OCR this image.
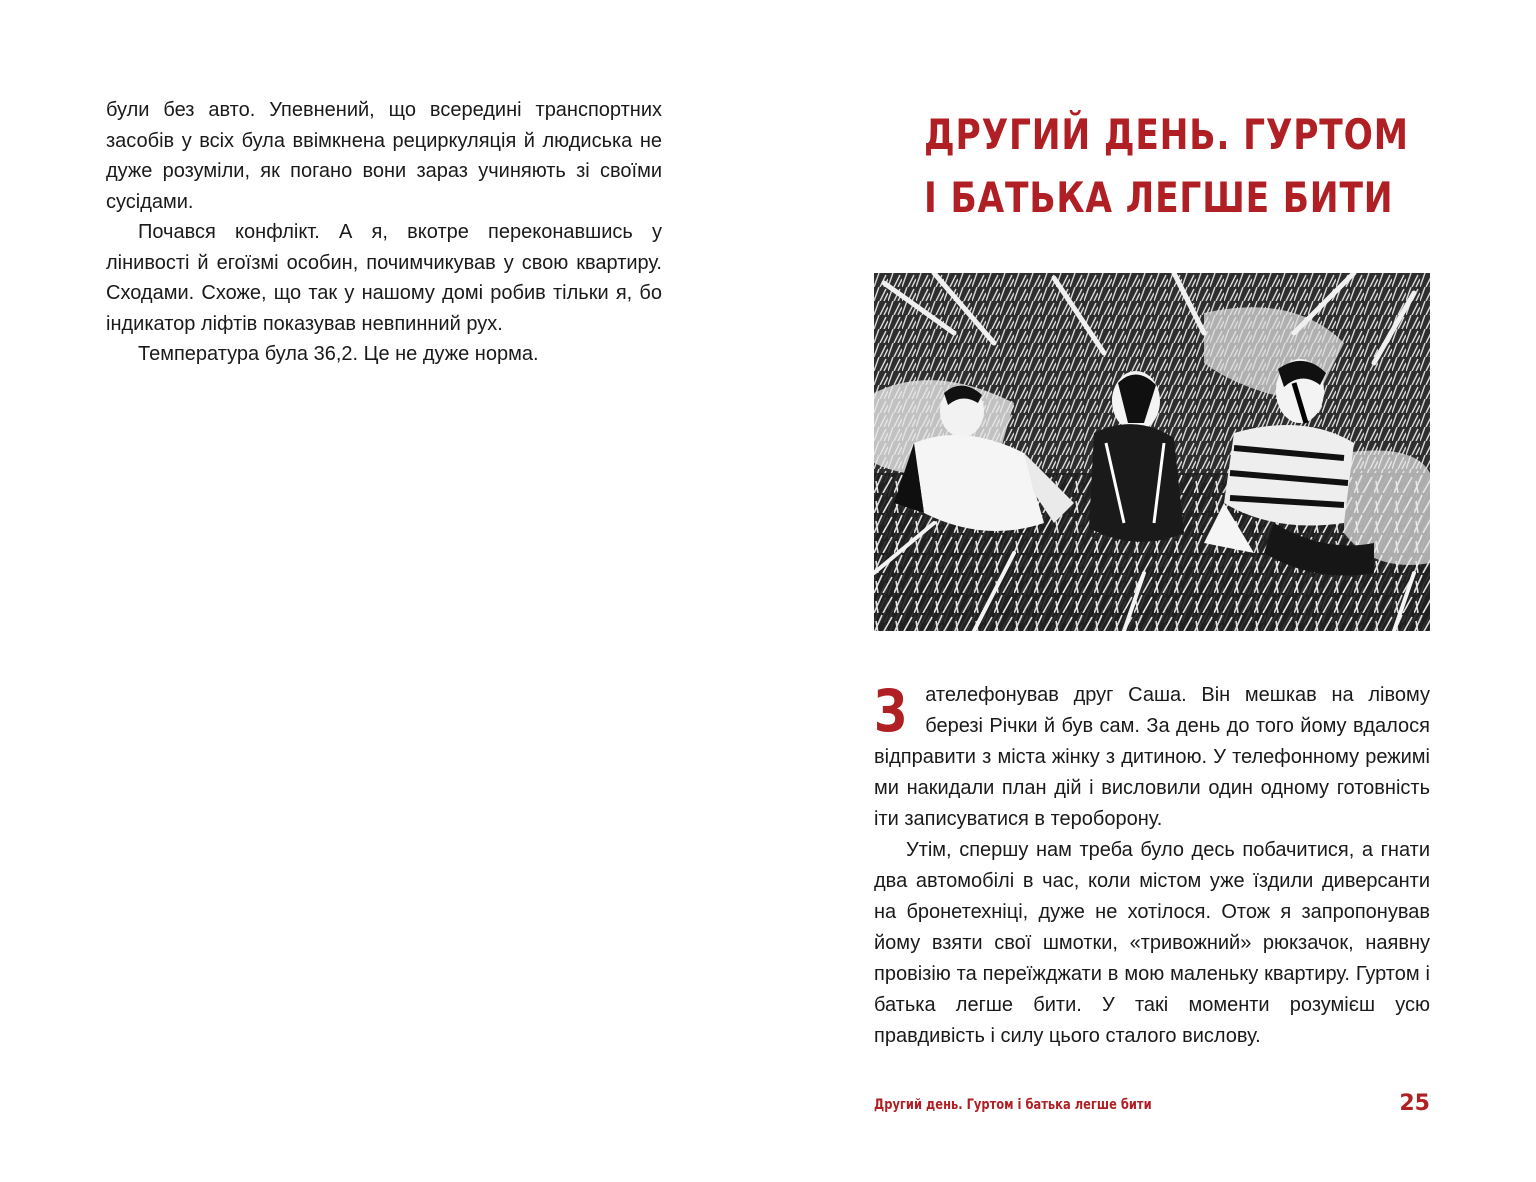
були без авто. Упевнений, що всередині транспортних засобів у всіх була ввімкнена рециркуляція й людиська не дуже розуміли, як погано вони зараз учиняють зі своїми сусідами.

Почався конфлікт. А я, вкотре переконавшись у лінивості й егоїзмі особин, почимчикував у свою квартиру. Сходами. Схоже, що так у нашому домі робив тільки я, бо індикатор ліфтів показував невпинний рух.

Температура була 36,2. Це не дуже норма.

ДРУГИЙ ДЕНЬ. ГУРТОМ
І БАТЬКА ЛЕГШЕ БИТИ

Зателефонував друг Саша. Він мешкав на лівому березі Річки й був сам. За день до того йому вдалося відправити з міста жінку з дитиною. У телефонному режимі ми накидали план дій і висловили один одному готовність іти записуватися в тероборону.

Утім, спершу нам треба було десь побачитися, а гнати два автомобілі в час, коли містом уже їздили диверсанти на бронетехніці, дуже не хотілося. Отож я запропонував йому взяти свої шмотки, «тривожний» рюкзачок, наявну провізію та переїжджати в мою маленьку квартиру. Гуртом і батька легше бити. У такі моменти розумієш усю правдивість і силу цього сталого вислову.

Другий день. Гуртом і батька легше бити	25
